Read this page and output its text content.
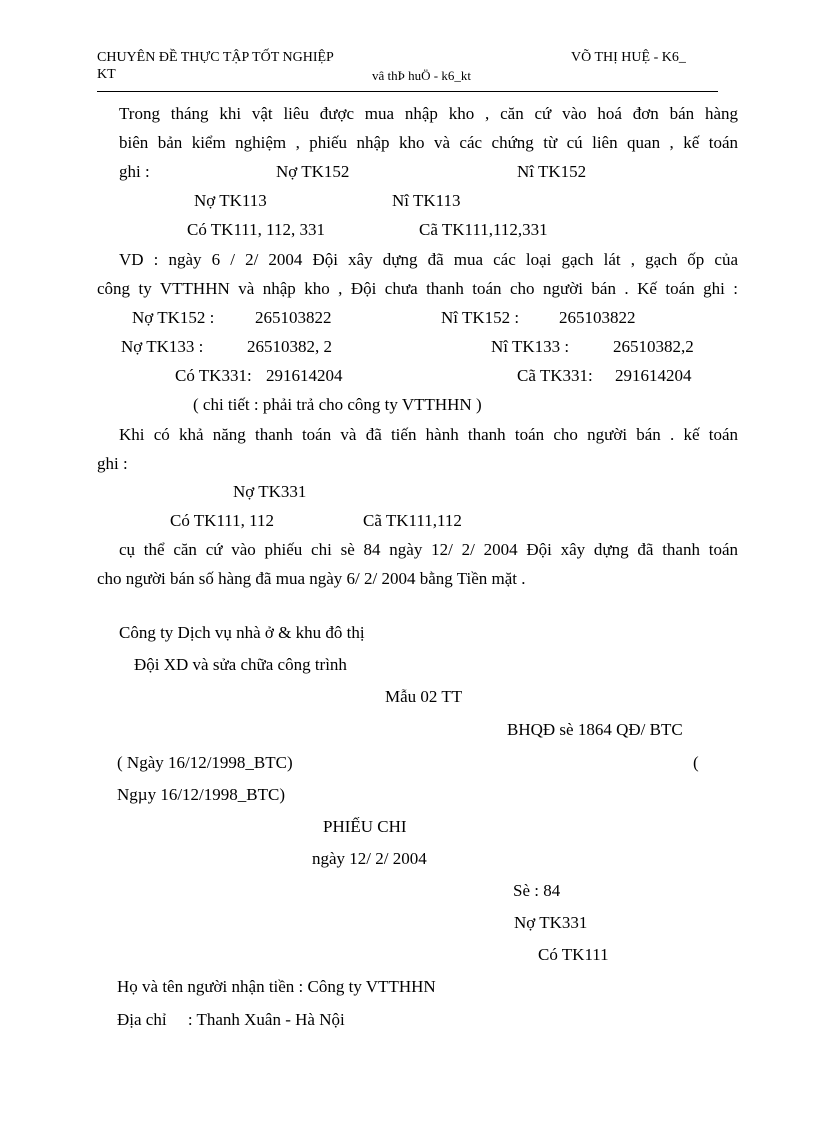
CHUYÊN ĐỀ THỰC TẬP TỐT NGHIỆP	VÕ THỊ HUỆ - K6_
KT	vâ thÞ huÖ - k6_kt
Trong tháng khi vật liêu được mua nhập kho , căn cứ vào hoá đơn bán hàng
biên bản kiểm nghiệm , phiếu nhập kho và các chứng từ cú liên quan , kế toán
ghi :	Nợ TK152	Nî TK152
Nợ TK113	Nî TK113
Có TK111, 112, 331	Cã TK111,112,331
VD : ngày 6 / 2/ 2004 Đội xây dựng đã mua các loại gạch lát , gạch ốp của
công ty VTTHHN và nhập kho , Đội chưa thanh toán cho người bán . Kế toán ghi :
Nợ TK152 : 265103822	Nî TK152 : 265103822
Nợ TK133 :	26510382, 2	Nî TK133 :	26510382,2
Có TK331: 291614204	Cã TK331: 291614204
( chi tiết : phải trả cho công ty VTTHHN )
Khi có khả năng thanh toán và đã tiến hành thanh toán cho người bán . kế toán
ghi :
Nợ TK331
Có TK111, 112	Cã TK111,112
cụ thể căn cứ vào phiếu chi sè 84 ngày 12/ 2/ 2004 Đội xây dựng đã thanh toán
cho người bán số hàng đã mua ngày 6/ 2/ 2004 bằng Tiền mặt .
Công ty Dịch vụ nhà ở & khu đô thị
Đội XD và sửa chữa công trình
Mẫu 02 TT
BHQĐ sè 1864 QĐ/ BTC
( Ngày 16/12/1998_BTC)	(
Ngµy 16/12/1998_BTC)
PHIẾU CHI
ngày 12/ 2/ 2004
Sè : 84
Nợ TK331
Có TK111
Họ và tên người nhận tiền : Công ty VTTHHN
Địa chỉ     : Thanh Xuân - Hà Nội
